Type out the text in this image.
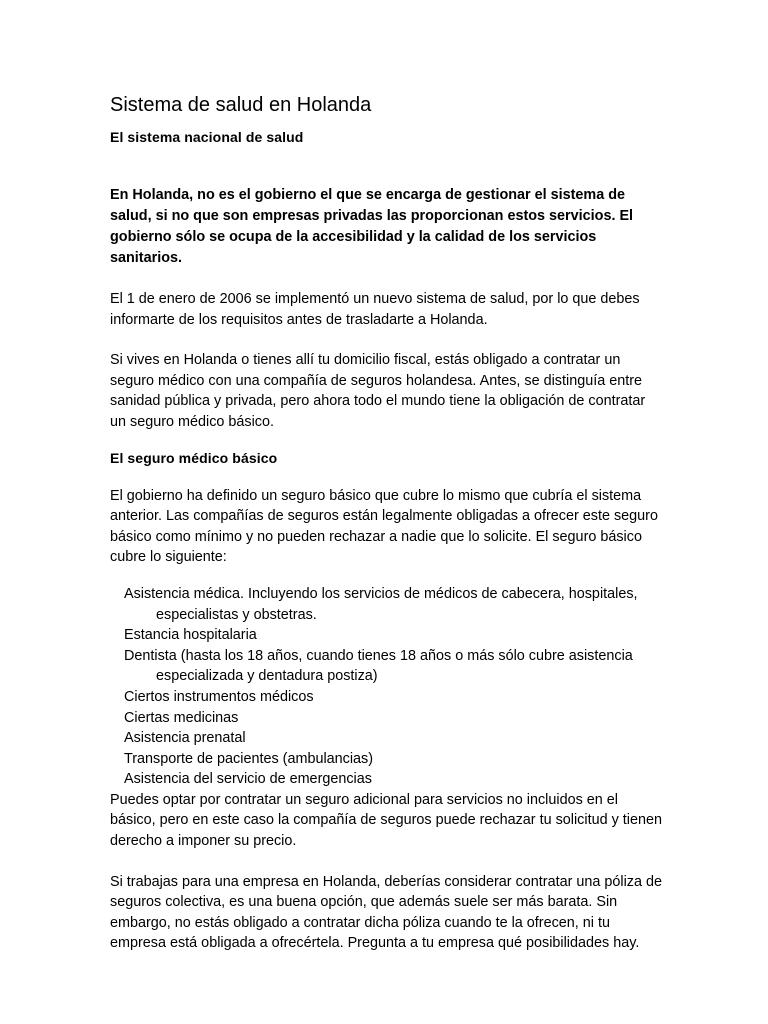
Sistema de salud en Holanda
El sistema nacional de salud
En Holanda, no es el gobierno el que se encarga de gestionar el sistema de salud, si no que son empresas privadas las proporcionan estos servicios. El gobierno sólo se ocupa de la accesibilidad y la calidad de los servicios sanitarios.

El 1 de enero de 2006 se implementó un nuevo sistema de salud, por lo que debes informarte de los requisitos antes de trasladarte a Holanda.

Si vives en Holanda o tienes allí tu domicilio fiscal, estás obligado a contratar un seguro médico con una compañía de seguros holandesa. Antes, se distinguía entre sanidad pública y privada, pero ahora todo el mundo tiene la obligación de contratar un seguro médico básico.

El seguro médico básico

El gobierno ha definido un seguro básico que cubre lo mismo que cubría el sistema anterior. Las compañías de seguros están legalmente obligadas a ofrecer este seguro básico como mínimo y no pueden rechazar a nadie que lo solicite. El seguro básico cubre lo siguiente:

Asistencia médica. Incluyendo los servicios de médicos de cabecera, hospitales, especialistas y obstetras.
Estancia hospitalaria
Dentista (hasta los 18 años, cuando tienes 18 años o más sólo cubre asistencia especializada y dentadura postiza)
Ciertos instrumentos médicos
Ciertas medicinas
Asistencia prenatal
Transporte de pacientes (ambulancias)
Asistencia del servicio de emergencias

Puedes optar por contratar un seguro adicional para servicios no incluidos en el básico, pero en este caso la compañía de seguros puede rechazar tu solicitud y tienen derecho a imponer su precio.

Si trabajas para una empresa en Holanda, deberías considerar contratar una póliza de seguros colectiva, es una buena opción, que además suele ser más barata. Sin embargo, no estás obligado a contratar dicha póliza cuando te la ofrecen, ni tu empresa está obligada a ofrecértela. Pregunta a tu empresa qué posibilidades hay.
